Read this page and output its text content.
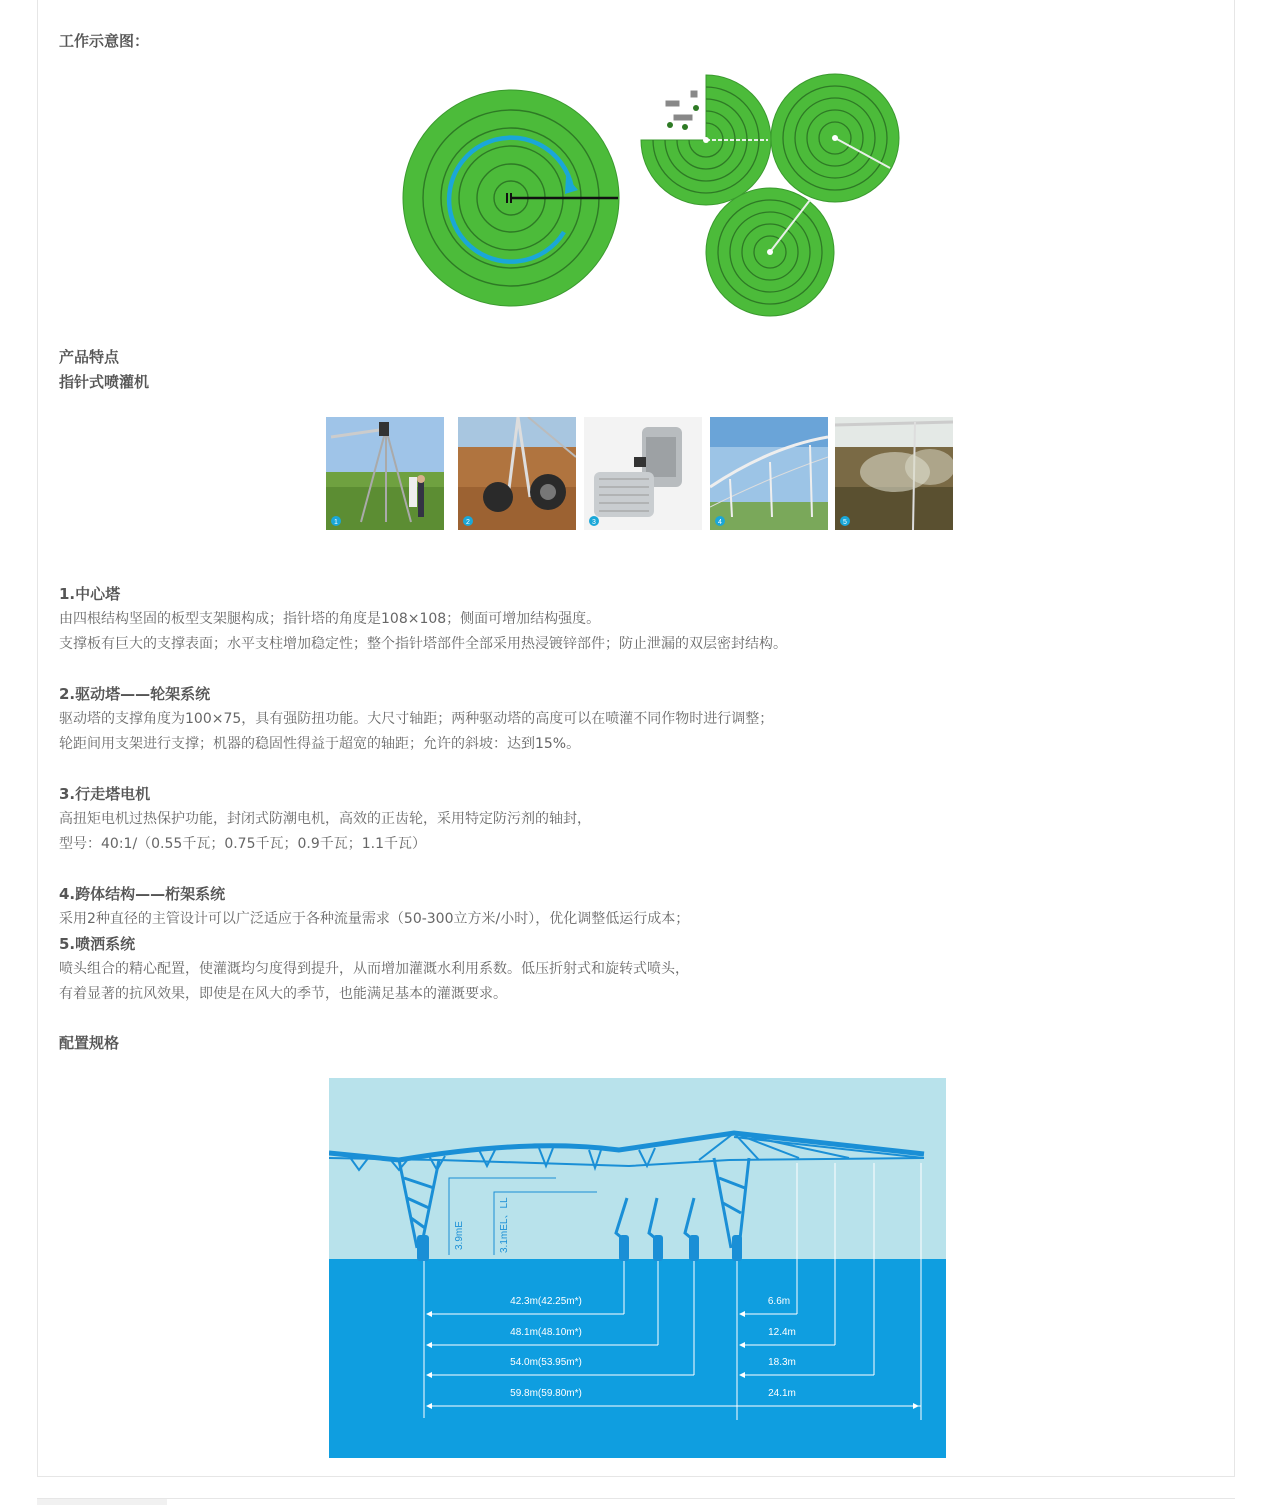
工作示意图：
产品特点
指针式喷灌机
1	2	3	4	5
1.中心塔

由四根结构坚固的板型支架腿构成；指针塔的角度是108×108；侧面可增加结构强度。

支撑板有巨大的支撑表面；水平支柱增加稳定性；整个指针塔部件全部采用热浸镀锌部件；防止泄漏的双层密封结构。

2.驱动塔——轮架系统

驱动塔的支撑角度为100×75，具有强防扭功能。大尺寸轴距；两种驱动塔的高度可以在喷灌不同作物时进行调整；

轮距间用支架进行支撑；机器的稳固性得益于超宽的轴距；允许的斜坡：达到15%。

3.行走塔电机

高扭矩电机过热保护功能，封闭式防潮电机，高效的正齿轮，采用特定防污剂的轴封，

型号：40:1/（0.55千瓦；0.75千瓦；0.9千瓦；1.1千瓦）

4.跨体结构——桁架系统

采用2种直径的主管设计可以广泛适应于各种流量需求（50-300立方米/小时），优化调整低运行成本；

5.喷洒系统

喷头组合的精心配置，使灌溉均匀度得到提升，从而增加灌溉水利用系数。低压折射式和旋转式喷头，

有着显著的抗风效果，即使是在风大的季节，也能满足基本的灌溉要求。

配置规格
3.9mE	3.1mEL、LL
42.3m(42.25m*)
48.1m(48.10m*)
54.0m(53.95m*)
59.8m(59.80m*)
6.6m
12.4m
18.3m
24.1m
